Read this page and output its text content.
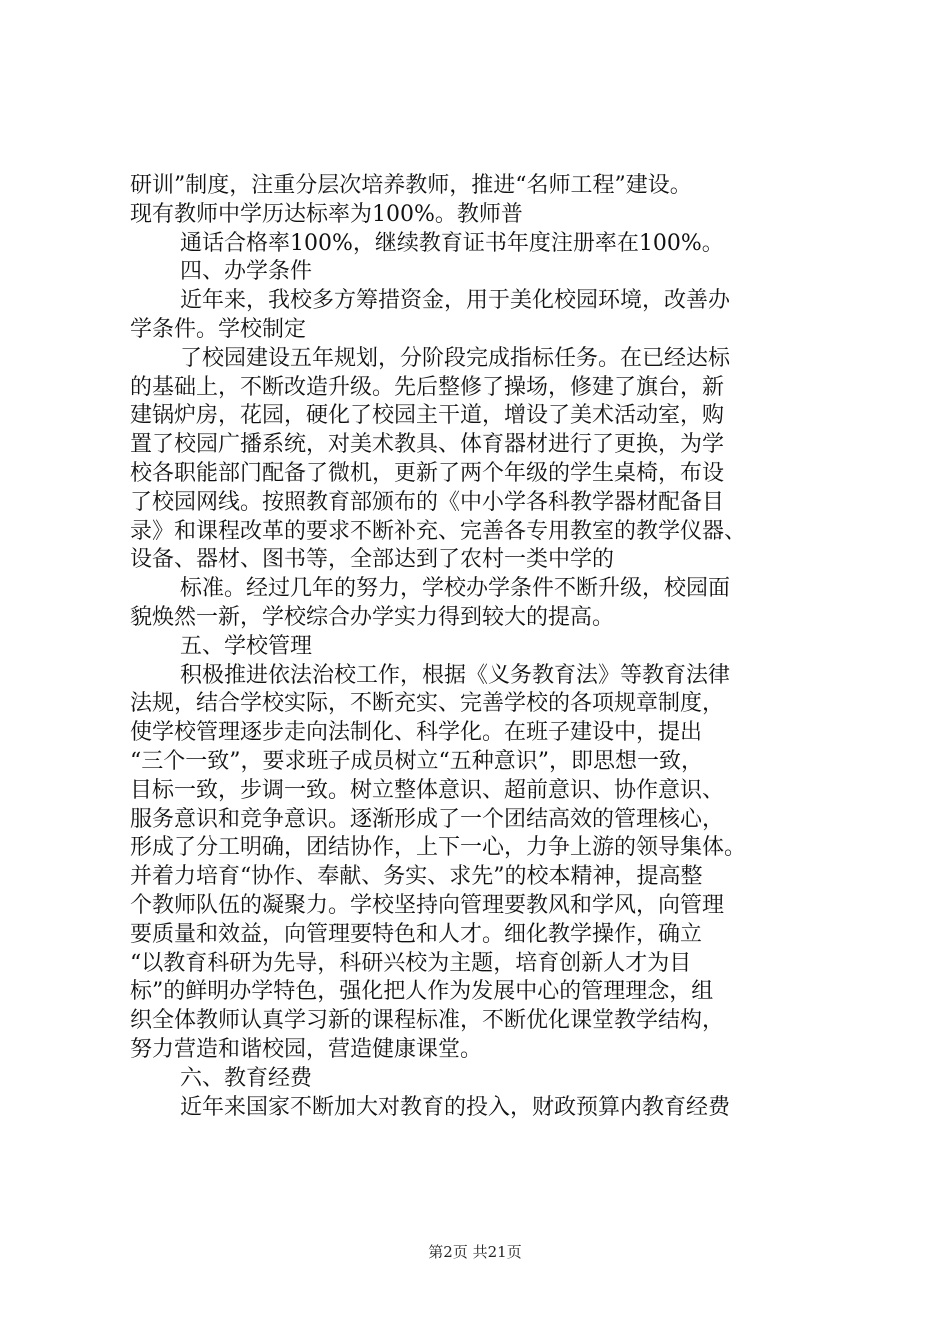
研训”制度，注重分层次培养教师，推进“名师工程”建设。
现有教师中学历达标率为100%。教师普
通话合格率100%，继续教育证书年度注册率在100%。
四、办学条件
近年来，我校多方筹措资金，用于美化校园环境，改善办
学条件。学校制定
了校园建设五年规划，分阶段完成指标任务。在已经达标
的基础上，不断改造升级。先后整修了操场，修建了旗台，新
建锅炉房，花园，硬化了校园主干道，增设了美术活动室，购
置了校园广播系统，对美术教具、体育器材进行了更换，为学
校各职能部门配备了微机，更新了两个年级的学生桌椅，布设
了校园网线。按照教育部颁布的《中小学各科教学器材配备目
录》和课程改革的要求不断补充、完善各专用教室的教学仪器、
设备、器材、图书等，全部达到了农村一类中学的
标准。经过几年的努力，学校办学条件不断升级，校园面
貌焕然一新，学校综合办学实力得到较大的提高。
五、学校管理
积极推进依法治校工作，根据《义务教育法》等教育法律
法规，结合学校实际，不断充实、完善学校的各项规章制度，
使学校管理逐步走向法制化、科学化。在班子建设中，提出
“三个一致”，要求班子成员树立“五种意识”，即思想一致，
目标一致，步调一致。树立整体意识、超前意识、协作意识、
服务意识和竞争意识。逐渐形成了一个团结高效的管理核心，
形成了分工明确，团结协作，上下一心，力争上游的领导集体。
并着力培育“协作、奉献、务实、求先”的校本精神，提高整
个教师队伍的凝聚力。学校坚持向管理要教风和学风，向管理
要质量和效益，向管理要特色和人才。细化教学操作，确立
“以教育科研为先导，科研兴校为主题，培育创新人才为目
标”的鲜明办学特色，强化把人作为发展中心的管理理念，组
织全体教师认真学习新的课程标准，不断优化课堂教学结构，
努力营造和谐校园，营造健康课堂。
六、教育经费
近年来国家不断加大对教育的投入，财政预算内教育经费
第2页 共21页
